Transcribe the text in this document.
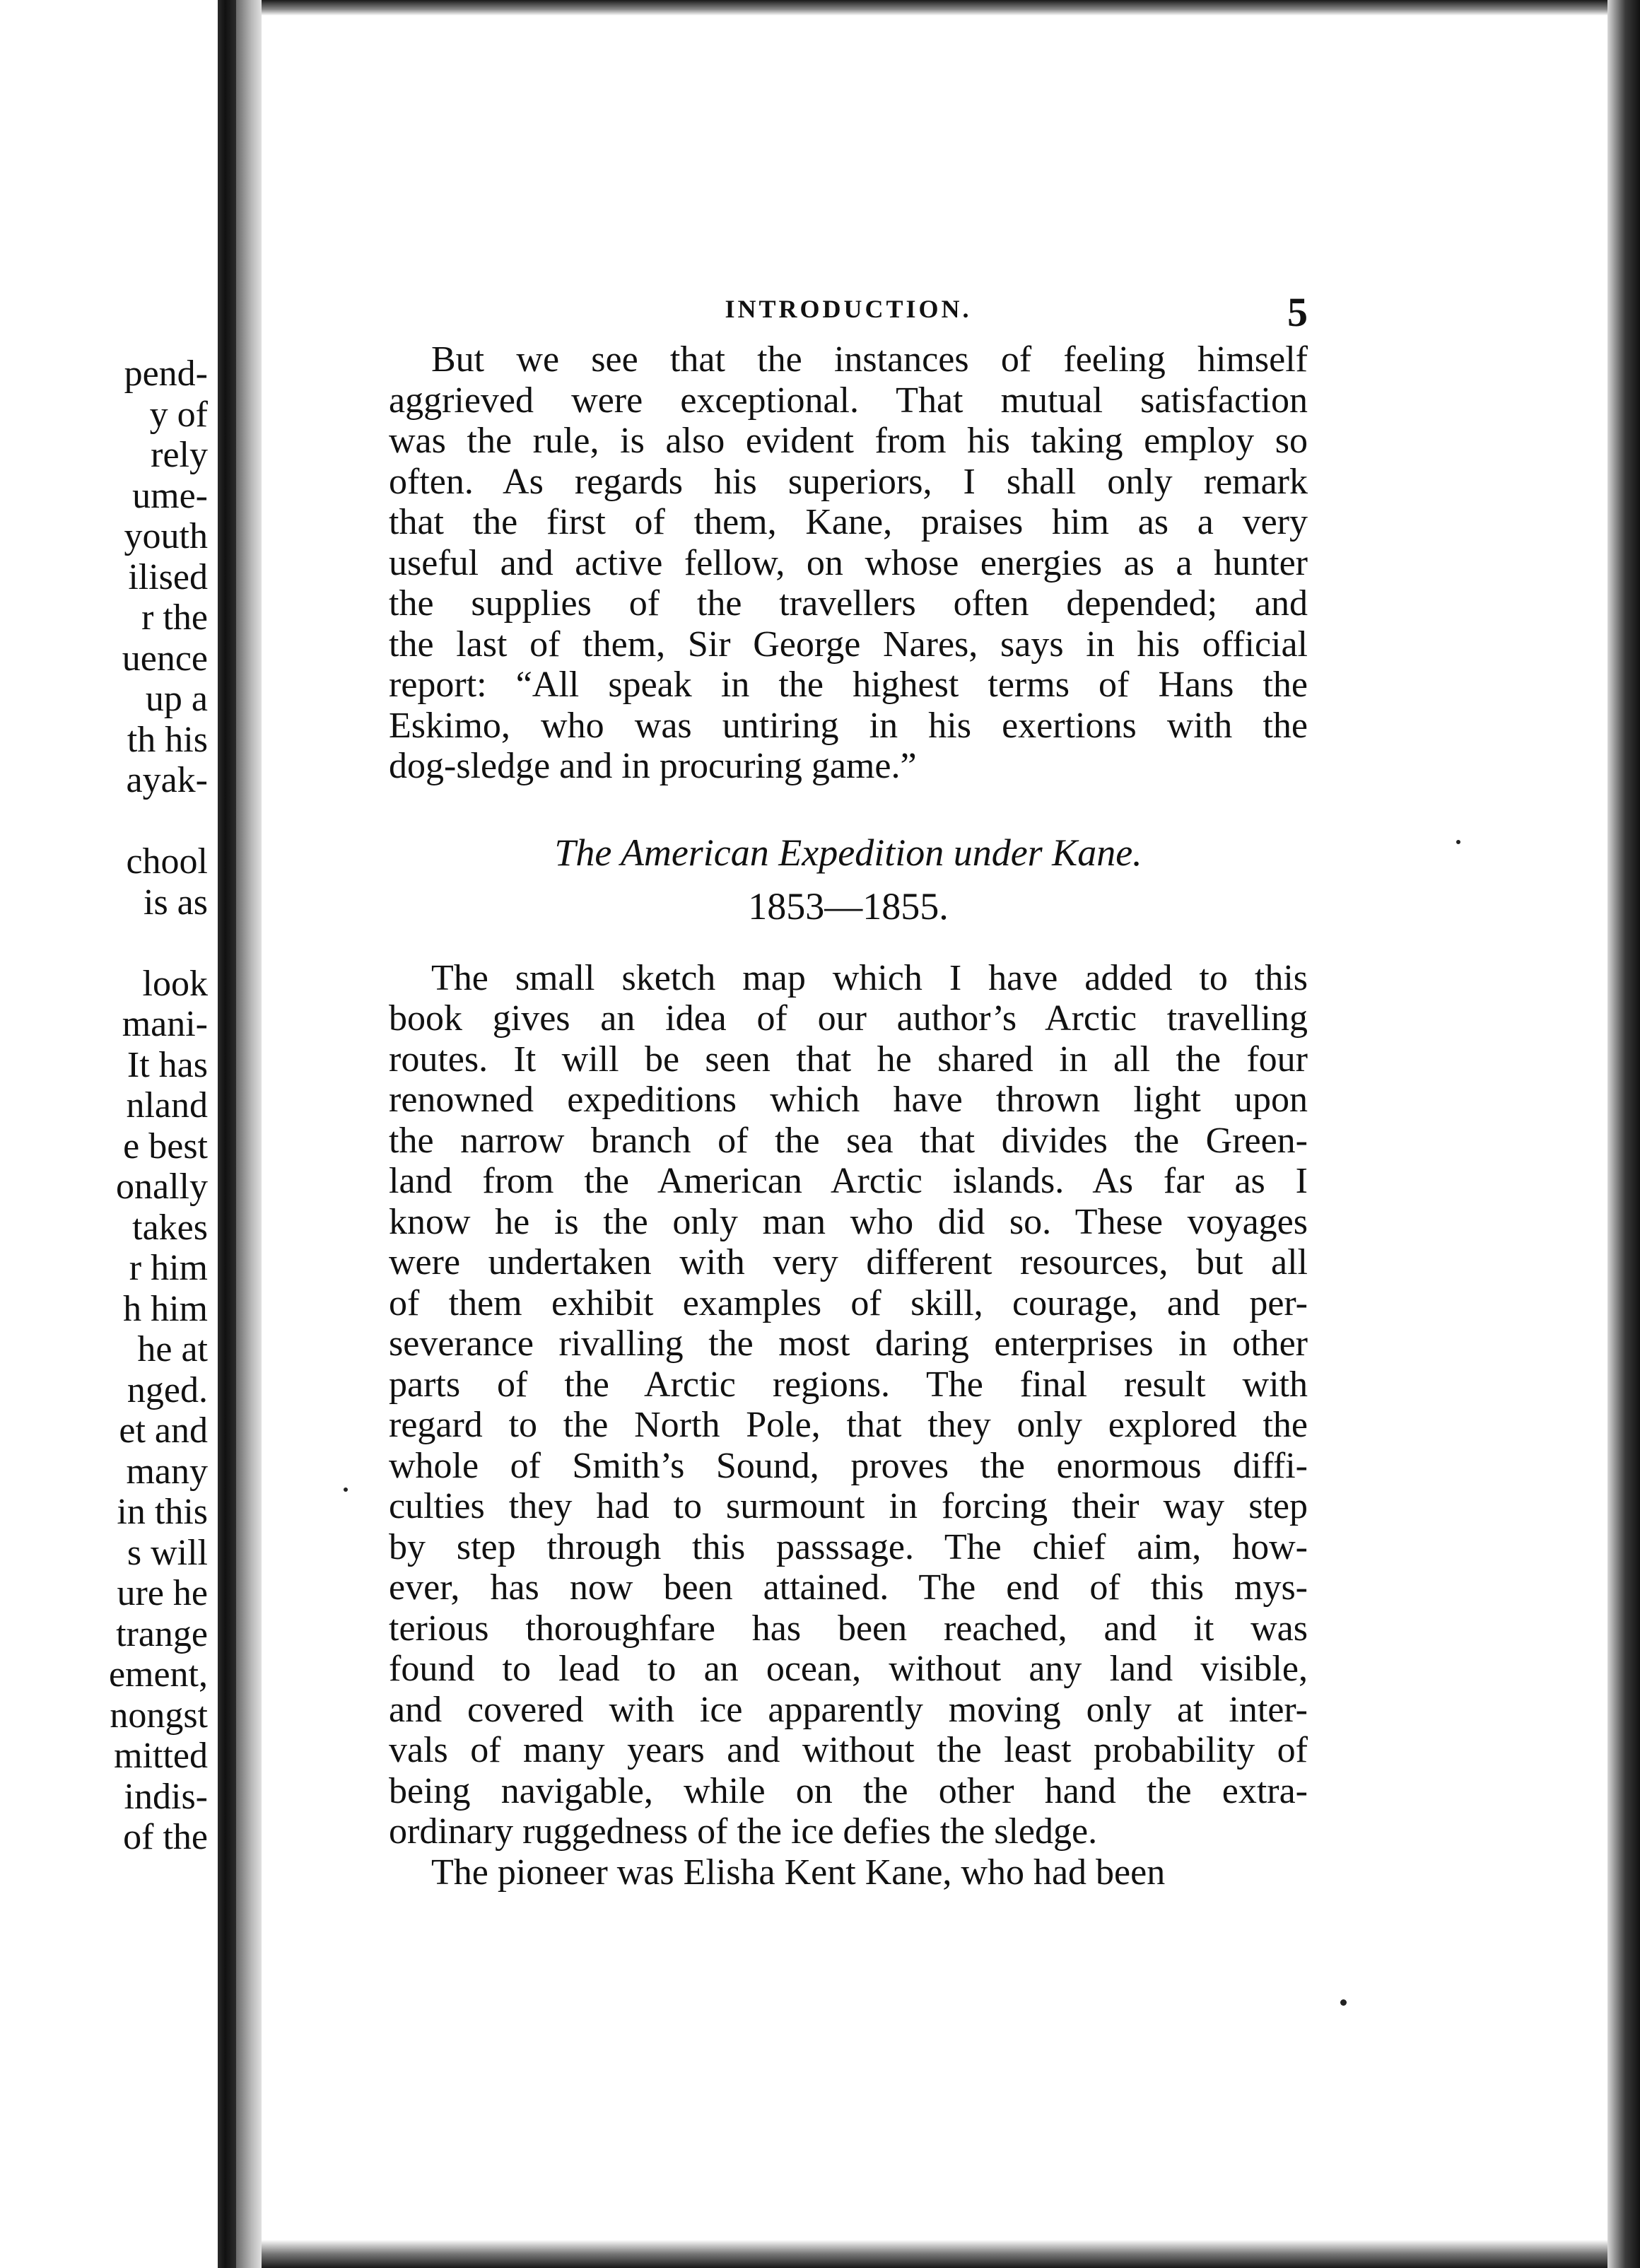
pend-
y of
rely
ume-
youth
ilised
r the
uence
up a
th his
ayak-
chool
is as
look
mani-
It has
nland
e best
onally
takes
r him
h him
he at
nged.
et and
many
in this
s will
ure he
trange
ement,
nongst
mitted
indis-
of the
INTRODUCTION.	5
But we see that the instances of feeling himself
aggrieved were exceptional. That mutual satisfaction
was the rule, is also evident from his taking employ so
often. As regards his superiors, I shall only remark
that the first of them, Kane, praises him as a very
useful and active fellow, on whose energies as a hunter
the supplies of the travellers often depended; and
the last of them, Sir George Nares, says in his official
report: “All speak in the highest terms of Hans the
Eskimo, who was untiring in his exertions with the
dog-sledge and in procuring game.”
The American Expedition under Kane.
1853—1855.
The small sketch map which I have added to this
book gives an idea of our author’s Arctic travelling
routes. It will be seen that he shared in all the four
renowned expeditions which have thrown light upon
the narrow branch of the sea that divides the Green-
land from the American Arctic islands. As far as I
know he is the only man who did so. These voyages
were undertaken with very different resources, but all
of them exhibit examples of skill, courage, and per-
severance rivalling the most daring enterprises in other
parts of the Arctic regions. The final result with
regard to the North Pole, that they only explored the
whole of Smith’s Sound, proves the enormous diffi-
culties they had to surmount in forcing their way step
by step through this passsage. The chief aim, how-
ever, has now been attained. The end of this mys-
terious thoroughfare has been reached, and it was
found to lead to an ocean, without any land visible,
and covered with ice apparently moving only at inter-
vals of many years and without the least probability of
being navigable, while on the other hand the extra-
ordinary ruggedness of the ice defies the sledge.
The pioneer was Elisha Kent Kane, who had been
